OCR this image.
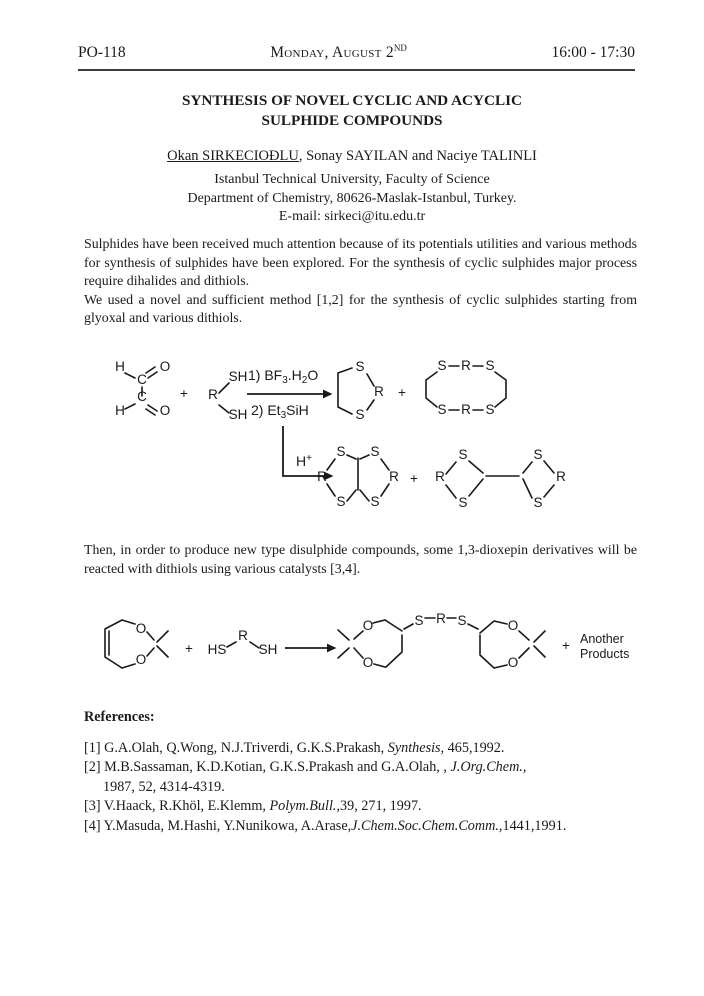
PO-118	Monday, August 2ND	16:00 - 17:30
SYNTHESIS OF NOVEL CYCLIC AND ACYCLIC
SULPHIDE COMPOUNDS
Okan SIRKECIOĐLU, Sonay SAYILAN and Naciye TALINLI
Istanbul Technical University, Faculty of Science
Department of Chemistry, 80626-Maslak-Istanbul, Turkey.
E-mail: sirkeci@itu.edu.tr
Sulphides have been received much attention because of its potentials utilities and various methods for synthesis of sulphides have been explored. For the synthesis of cyclic sulphides major process require dihalides and dithiols.
We used a novel and sufficient method [1,2] for the synthesis of cyclic sulphides starting from glyoxal and various dithiols.
H
C
O
C
H	O
+ R
SH
SH
1) $BF_3.H_2O$
2) $Et_3SiH$
S
R
S
+
S R S
S R S
H+ S S
R	R
S S
+ R
S
S
S
S
R
Then, in order to produce new type disulphide compounds, some 1,3-dioxepin derivatives will be reacted with dithiols using various catalysts [3,4].
O
O
+ HS
R
SH
O
O
S R S	O
O
+ Another
Products
References:
[1] G.A.Olah, Q.Wong, N.J.Triverdi, G.K.S.Prakash, Synthesis, 465,1992.
[2] M.B.Sassaman, K.D.Kotian, G.K.S.Prakash and G.A.Olah, , J.Org.Chem.,
1987, 52, 4314-4319.
[3] V.Haack, R.Khöl, E.Klemm, Polym.Bull.,39, 271, 1997.
[4] Y.Masuda, M.Hashi, Y.Nunikowa, A.Arase,J.Chem.Soc.Chem.Comm.,1441,1991.
